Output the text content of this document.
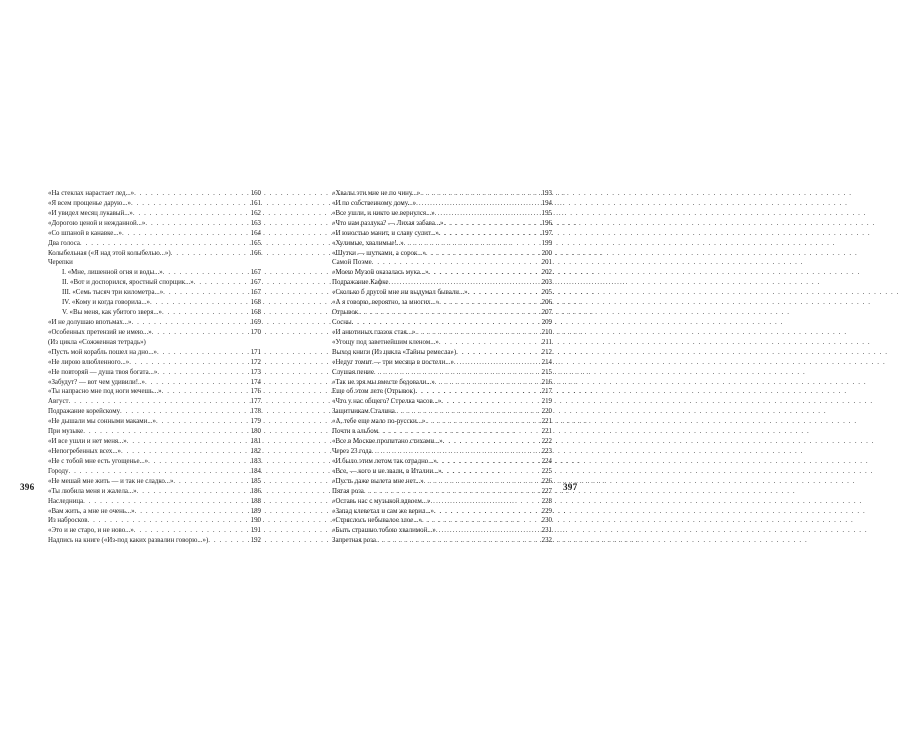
«На стеклах нарастает лед...» . . .	160
«Я всем прощенье дарую...» . . .	161
«И увидел месяц лукавый...» . . .	162
«Дорогою ценой и нежданной...» . . .	163
«Со шпаной в канавке...» . . .	164
Два голоса . . .	165
Колыбельная («Я над этой колыбелью...») . . .	166
Черепки
I. «Мне, лишенной огня и воды...» . . .	167
II. «Вот и доспорился, яростный спорщик...» . . .	167
III. «Семь тысяч три километра...» . . .	167
IV. «Кому и когда говорила...» . . .	168
V. «Вы меня, как убитого зверя...» . . .	168
«И не долушаю впотьмах...» . . .	169
«Особенных претензий не имею...» . . .	170
(Из цикла «Сожженная тетрадь»)
«Пусть мой корабль пошел на дно...» . . .	171
«Не лирою влюбленного...» . . .	172
«Не повторяй — душа твоя богата...» . . .	173
«Забудут? — вот чем удивили!..» . . .	174
«Ты напрасно мне под ноги мечешь...» . . .	176
Август . . .	177
Подражание корейскому . . .	178
«Не дышали мы сонными маками...» . . .	179
При музыке . . .	180
«И все ушли и нет меня...» . . .	181
«Непогребенных всех...» . . .	182
«Не с тобой мне есть угощенье...» . . .	183
Городу . . .	184
«Не мешай мне жить — и так не сладко...» . . .	185
«Ты любила меня и жалела...» . . .	186
Наследница . . .	188
«Вам жить, а мне не очень...» . . .	189
Из набросков . . .	190
«Это и не старо, и не ново...» . . .	191
Надпись на книге («Из-под каких развалин говорю...») . . .	192
«Хвалы эти мне не по чину...» . . .	193
«И по собственному дому...» . . .	194
«Все ушли, и никто не вернулся...» . . .	195
«Что нам разлука? — Лихая забава...» . . .	196
«И юностью манит, и славу сулит...» . . .	197
«Хулимые, хвалимые!..» . . .	199
«Шутки — шутками, а сорок...» . . .	200
Самой Поэме . . .	201
«Моею Музой оказалась мука...» . . .	202
Подражание Кафке . . .	203
«Сколько б другой мне ни выдумал бывали...» . . .	205
«А я говорю, вероятно, за многих...» . . .	206
Отрывок . . .	207
Сосны . . .	209
«И анютиных глазок стая...» . . .	210
«Угощу под заветнейшим кленом...» . . .	211
Выход книги (Из цикла «Тайны ремесла») . . .	212
«Недуг томит — три месяца в постели...» . . .	214
Слушая пение . . .	215
«Так не зря мы вместе бедовали...» . . .	216
Еще об этом лете (Отрывок) . . .	217
«Что у нас общего? Стрелка часов...» . . .	219
Защитникам Сталина . . .	220
«А, тебе еще мало по-русски...» . . .	221
Почти в альбом . . .	221
«Все в Москве пропитано стихами...» . . .	222
Через 23 года . . .	223
«И было этим летом так отрадно...» . . .	224
«Все, — кого и не звали, в Италии...» . . .	225
«Пусть даже вылета мне нет...» . . .	226
Пятая роза . . .	227
«Оставь нас с музыкой вдвоем...» . . .	228
«Запад клеветал и сам же верил...» . . .	229
«Стряслось небывалое злое...» . . .	230
«Быть страшно тобою хвалимой...» . . .	231
Запретная роза . . .	232
396	397
